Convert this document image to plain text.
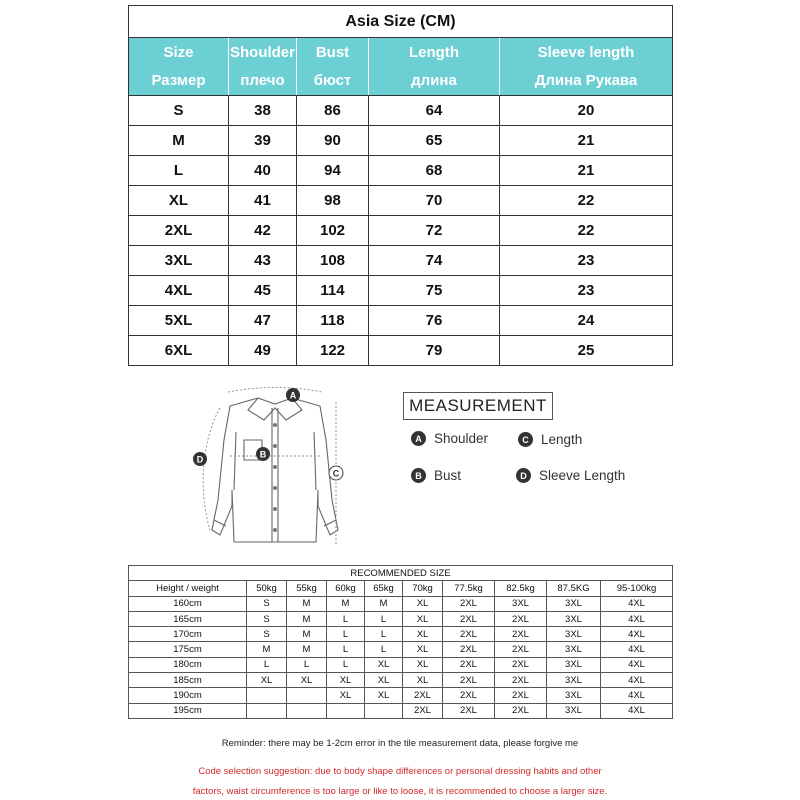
Asia Size (CM)				
Size	Shoulder	Bust	Length	Sleeve length
Размер	плечо	бюст	длина	Длина Рукава
S	38	86	64	20
M	39	90	65	21
L	40	94	68	21
XL	41	98	70	22
2XL	42	102	72	22
3XL	43	108	74	23
4XL	45	114	75	23
5XL	47	118	76	24
6XL	49	122	79	25
A
B
C
D
MEASUREMENT
A Shoulder	C Length
B Bust	D Sleeve Length
RECOMMENDED SIZE									
Height / weight	50kg	55kg	60kg	65kg	70kg	77.5kg	82.5kg	87.5KG	95-100kg
160cm	S	M	M	M	XL	2XL	3XL	3XL	4XL
165cm	S	M	L	L	XL	2XL	2XL	3XL	4XL
170cm	S	M	L	L	XL	2XL	2XL	3XL	4XL
175cm	M	M	L	L	XL	2XL	2XL	3XL	4XL
180cm	L	L	L	XL	XL	2XL	2XL	3XL	4XL
185cm	XL	XL	XL	XL	XL	2XL	2XL	3XL	4XL
190cm			XL	XL	2XL	2XL	2XL	3XL	4XL
195cm					2XL	2XL	2XL	3XL	4XL
Reminder: there may be 1-2cm error in the tile measurement data, please forgive me
Code selection suggestion: due to body shape differences or personal dressing habits and other
factors, waist circumference is too large or like to loose, it is recommended to choose a larger size.
